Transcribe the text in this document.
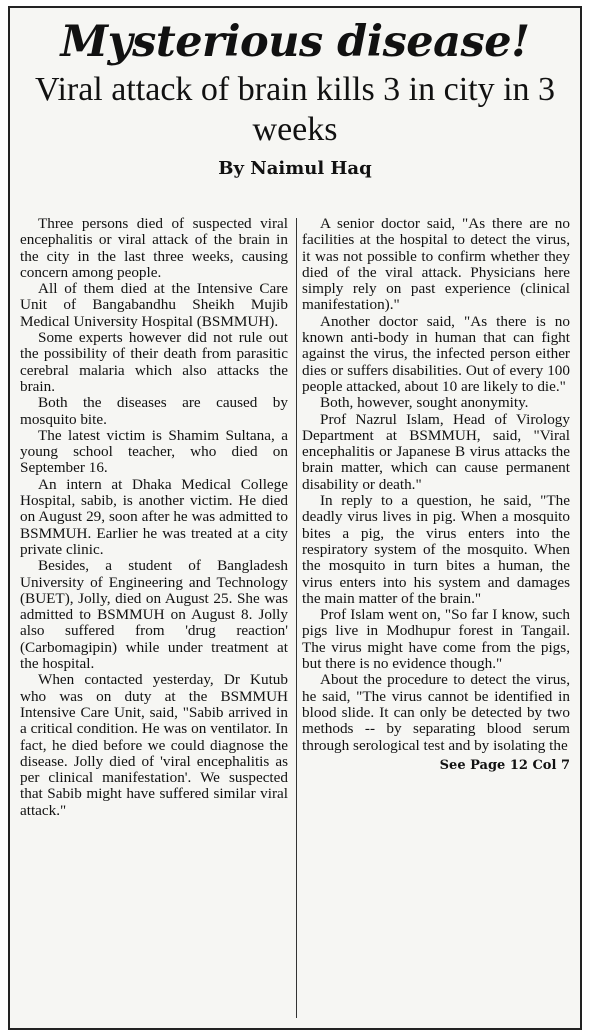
Mysterious disease!
Viral attack of brain kills 3 in city in 3 weeks
By Naimul Haq

Three persons died of suspected viral encephalitis or viral attack of the brain in the city in the last three weeks, causing concern among people.

All of them died at the Intensive Care Unit of Bangabandhu Sheikh Mujib Medical University Hospital (BSMMUH).

Some experts however did not rule out the possibility of their death from parasitic cerebral malaria which also attacks the brain.

Both the diseases are caused by mosquito bite.

The latest victim is Shamim Sultana, a young school teacher, who died on September 16.

An intern at Dhaka Medical College Hospital, sabib, is another victim. He died on August 29, soon after he was admitted to BSMMUH. Earlier he was treated at a city private clinic.

Besides, a student of Bangladesh University of Engineering and Technology (BUET), Jolly, died on August 25. She was admitted to BSMMUH on August 8. Jolly also suffered from 'drug reaction' (Carbomagipin) while under treatment at the hospital.

When contacted yesterday, Dr Kutub who was on duty at the BSMMUH Intensive Care Unit, said, "Sabib arrived in a critical condition. He was on ventilator. In fact, he died before we could diagnose the disease. Jolly died of 'viral encephalitis as per clinical manifestation'. We suspected that Sabib might have suffered similar viral attack."

A senior doctor said, "As there are no facilities at the hospital to detect the virus, it was not possible to confirm whether they died of the viral attack. Physicians here simply rely on past experience (clinical manifestation)."

Another doctor said, "As there is no known anti-body in human that can fight against the virus, the infected person either dies or suffers disabilities. Out of every 100 people attacked, about 10 are likely to die."

Both, however, sought anonymity.

Prof Nazrul Islam, Head of Virology Department at BSMMUH, said, "Viral encephalitis or Japanese B virus attacks the brain matter, which can cause permanent disability or death."

In reply to a question, he said, "The deadly virus lives in pig. When a mosquito bites a pig, the virus enters into the respiratory system of the mosquito. When the mosquito in turn bites a human, the virus enters into his system and damages the main matter of the brain."

Prof Islam went on, "So far I know, such pigs live in Modhupur forest in Tangail. The virus might have come from the pigs, but there is no evidence though."

About the procedure to detect the virus, he said, "The virus cannot be identified in blood slide. It can only be detected by two methods -- by separating blood serum through serological test and by isolating the

See Page 12 Col 7
